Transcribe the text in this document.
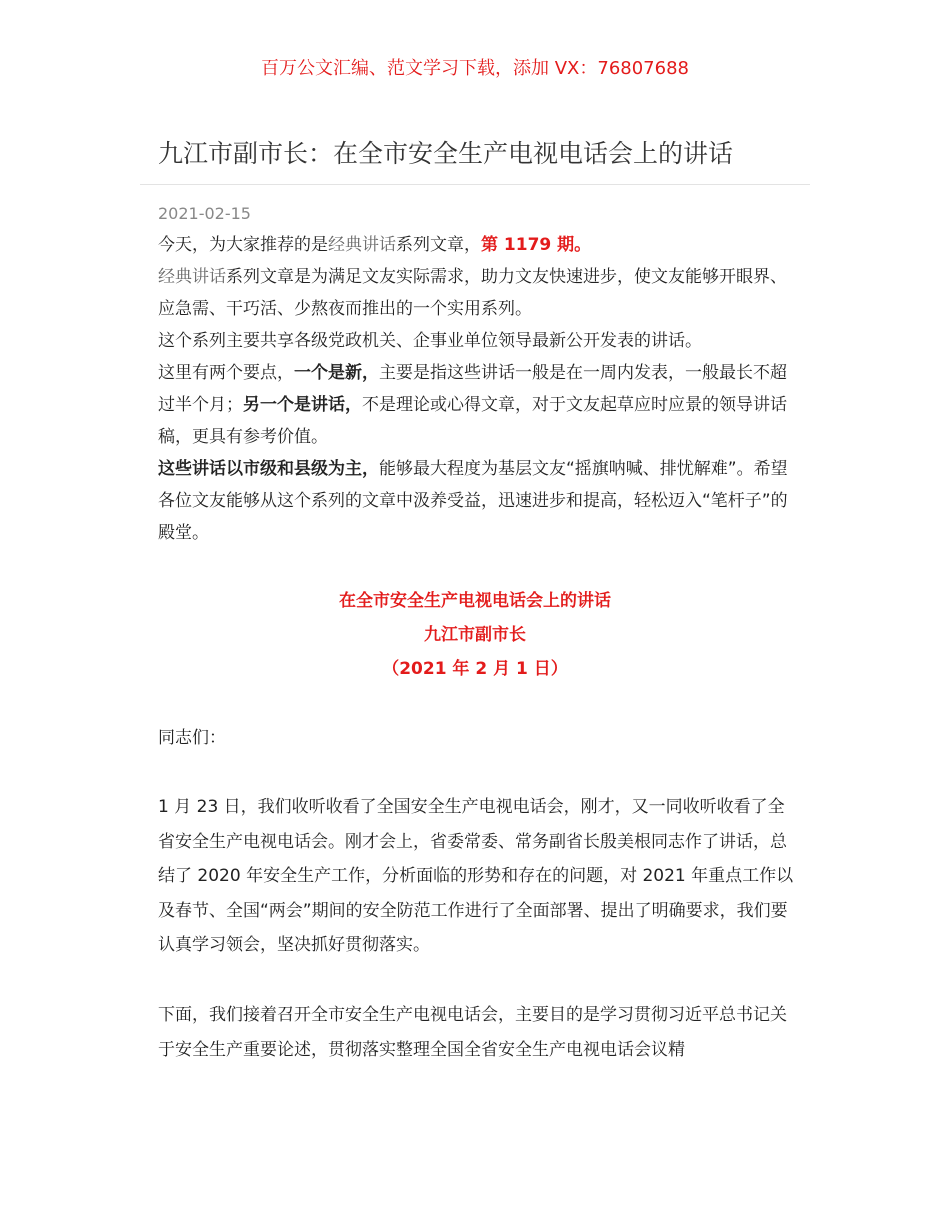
百万公文汇编、范文学习下载，添加 VX：76807688
九江市副市长：在全市安全生产电视电话会上的讲话
2021-02-15

今天，为大家推荐的是经典讲话系列文章，第 1179 期。

经典讲话系列文章是为满足文友实际需求，助力文友快速进步，使文友能够开眼界、应急需、干巧活、少熬夜而推出的一个实用系列。

这个系列主要共享各级党政机关、企事业单位领导最新公开发表的讲话。

这里有两个要点，一个是新，主要是指这些讲话一般是在一周内发表，一般最长不超过半个月；另一个是讲话，不是理论或心得文章，对于文友起草应时应景的领导讲话稿，更具有参考价值。

这些讲话以市级和县级为主，能够最大程度为基层文友“摇旗呐喊、排忧解难”。希望各位文友能够从这个系列的文章中汲养受益，迅速进步和提高，轻松迈入“笔杆子”的殿堂。

在全市安全生产电视电话会上的讲话
九江市副市长
（2021 年 2 月 1 日）
同志们：

1 月 23 日，我们收听收看了全国安全生产电视电话会，刚才，又一同收听收看了全省安全生产电视电话会。刚才会上，省委常委、常务副省长殷美根同志作了讲话，总结了 2020 年安全生产工作，分析面临的形势和存在的问题，对 2021 年重点工作以及春节、全国“两会”期间的安全防范工作进行了全面部署、提出了明确要求，我们要认真学习领会，坚决抓好贯彻落实。

下面，我们接着召开全市安全生产电视电话会，主要目的是学习贯彻习近平总书记关于安全生产重要论述，贯彻落实整理全国全省安全生产电视电话会议精
